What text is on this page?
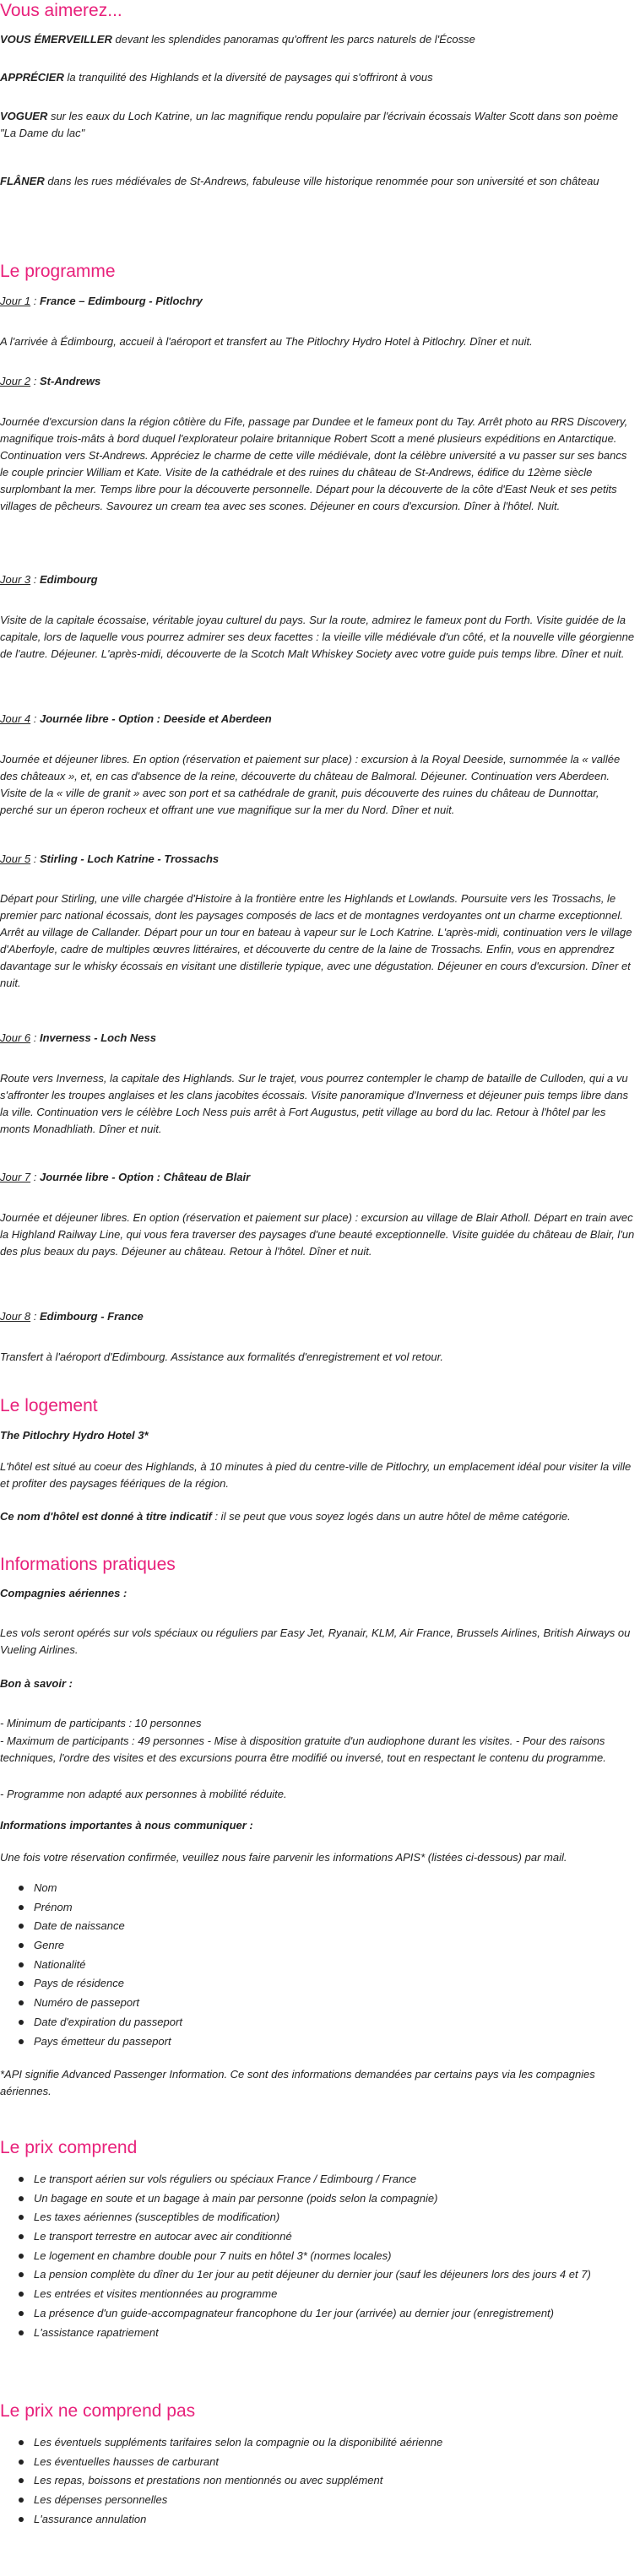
Vous aimerez...
VOUS ÉMERVEILLER devant les splendides panoramas qu'offrent les parcs naturels de l'Écosse
APPRÉCIER la tranquilité des Highlands et la diversité de paysages qui s'offriront à vous
VOGUER sur les eaux du Loch Katrine, un lac magnifique rendu populaire par l'écrivain écossais Walter Scott dans son poème "La Dame du lac"
FLÂNER dans les rues médiévales de St-Andrews, fabuleuse ville historique renommée pour son université et son château
Le programme
Jour 1 : France – Edimbourg - Pitlochry
A l'arrivée à Édimbourg, accueil à l'aéroport et transfert au The Pitlochry Hydro Hotel à Pitlochry. Dîner et nuit.
Jour 2 : St-Andrews
Journée d'excursion dans la région côtière du Fife, passage par Dundee et le fameux pont du Tay. Arrêt photo au RRS Discovery, magnifique trois-mâts à bord duquel l'explorateur polaire britannique Robert Scott a mené plusieurs expéditions en Antarctique. Continuation vers St-Andrews. Appréciez le charme de cette ville médiévale, dont la célèbre université a vu passer sur ses bancs le couple princier William et Kate. Visite de la cathédrale et des ruines du château de St-Andrews, édifice du 12ème siècle surplombant la mer. Temps libre pour la découverte personnelle. Départ pour la découverte de la côte d'East Neuk et ses petits villages de pêcheurs. Savourez un cream tea avec ses scones. Déjeuner en cours d'excursion. Dîner à l'hôtel. Nuit.
Jour 3 : Edimbourg
Visite de la capitale écossaise, véritable joyau culturel du pays. Sur la route, admirez le fameux pont du Forth. Visite guidée de la capitale, lors de laquelle vous pourrez admirer ses deux facettes : la vieille ville médiévale d'un côté, et la nouvelle ville géorgienne de l'autre. Déjeuner. L'après-midi, découverte de la Scotch Malt Whiskey Society avec votre guide puis temps libre. Dîner et nuit.
Jour 4 : Journée libre - Option : Deeside et Aberdeen
Journée et déjeuner libres. En option (réservation et paiement sur place) : excursion à la Royal Deeside, surnommée la « vallée des châteaux », et, en cas d'absence de la reine, découverte du château de Balmoral. Déjeuner. Continuation vers Aberdeen. Visite de la « ville de granit » avec son port et sa cathédrale de granit, puis découverte des ruines du château de Dunnottar, perché sur un éperon rocheux et offrant une vue magnifique sur la mer du Nord. Dîner et nuit.
Jour 5 : Stirling - Loch Katrine - Trossachs
Départ pour Stirling, une ville chargée d'Histoire à la frontière entre les Highlands et Lowlands. Poursuite vers les Trossachs, le premier parc national écossais, dont les paysages composés de lacs et de montagnes verdoyantes ont un charme exceptionnel. Arrêt au village de Callander. Départ pour un tour en bateau à vapeur sur le Loch Katrine. L'après-midi, continuation vers le village d'Aberfoyle, cadre de multiples œuvres littéraires, et découverte du centre de la laine de Trossachs. Enfin, vous en apprendrez davantage sur le whisky écossais en visitant une distillerie typique, avec une dégustation. Déjeuner en cours d'excursion. Dîner et nuit.
Jour 6 : Inverness - Loch Ness
Route vers Inverness, la capitale des Highlands. Sur le trajet, vous pourrez contempler le champ de bataille de Culloden, qui a vu s'affronter les troupes anglaises et les clans jacobites écossais. Visite panoramique d'Inverness et déjeuner puis temps libre dans la ville. Continuation vers le célèbre Loch Ness puis arrêt à Fort Augustus, petit village au bord du lac. Retour à l'hôtel par les monts Monadhliath. Dîner et nuit.
Jour 7 : Journée libre - Option : Château de Blair
Journée et déjeuner libres. En option (réservation et paiement sur place) : excursion au village de Blair Atholl. Départ en train avec la Highland Railway Line, qui vous fera traverser des paysages d'une beauté exceptionnelle. Visite guidée du château de Blair, l'un des plus beaux du pays. Déjeuner au château. Retour à l'hôtel. Dîner et nuit.
Jour 8 : Edimbourg - France
Transfert à l'aéroport d'Edimbourg. Assistance aux formalités d'enregistrement et vol retour.
Le logement
The Pitlochry Hydro Hotel 3*
L'hôtel est situé au coeur des Highlands, à 10 minutes à pied du centre-ville de Pitlochry, un emplacement idéal pour visiter la ville et profiter des paysages féériques de la région.
Ce nom d'hôtel est donné à titre indicatif : il se peut que vous soyez logés dans un autre hôtel de même catégorie.
Informations pratiques
Compagnies aériennes :
Les vols seront opérés sur vols spéciaux ou réguliers par Easy Jet, Ryanair, KLM, Air France, Brussels Airlines, British Airways ou Vueling Airlines.
Bon à savoir :
- Minimum de participants : 10 personnes
- Maximum de participants : 49 personnes - Mise à disposition gratuite d'un audiophone durant les visites. - Pour des raisons techniques, l'ordre des visites et des excursions pourra être modifié ou inversé, tout en respectant le contenu du programme.
- Programme non adapté aux personnes à mobilité réduite.
Informations importantes à nous communiquer :
Une fois votre réservation confirmée, veuillez nous faire parvenir les informations APIS* (listées ci-dessous) par mail.
Nom
Prénom
Date de naissance
Genre
Nationalité
Pays de résidence
Numéro de passeport
Date d'expiration du passeport
Pays émetteur du passeport
*API signifie Advanced Passenger Information. Ce sont des informations demandées par certains pays via les compagnies aériennes.
Le prix comprend
Le transport aérien sur vols réguliers ou spéciaux France / Edimbourg / France
Un bagage en soute et un bagage à main par personne (poids selon la compagnie)
Les taxes aériennes (susceptibles de modification)
Le transport terrestre en autocar avec air conditionné
Le logement en chambre double pour 7 nuits en hôtel 3* (normes locales)
La pension complète du dîner du 1er jour au petit déjeuner du dernier jour (sauf les déjeuners lors des jours 4 et 7)
Les entrées et visites mentionnées au programme
La présence d'un guide-accompagnateur francophone du 1er jour (arrivée) au dernier jour (enregistrement)
L'assistance rapatriement
Le prix ne comprend pas
Les éventuels suppléments tarifaires selon la compagnie ou la disponibilité aérienne
Les éventuelles hausses de carburant
Les repas, boissons et prestations non mentionnés ou avec supplément
Les dépenses personnelles
L'assurance annulation
